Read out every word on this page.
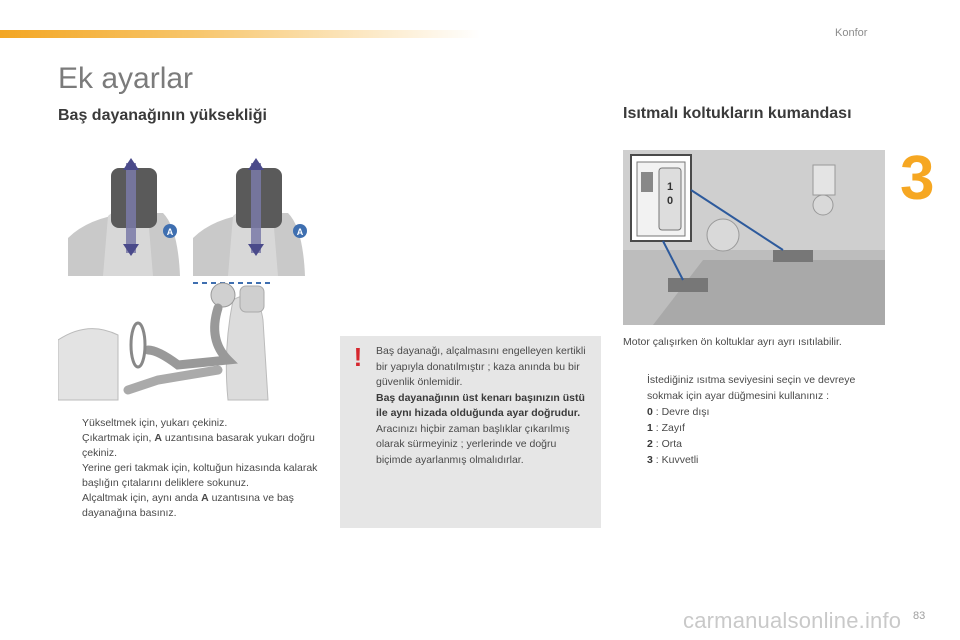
Konfor
3
Ek ayarlar
Baş dayanağının yüksekliği
A	A
Yükseltmek için, yukarı çekiniz.
Çıkartmak için, A uzantısına basarak yukarı doğru çekiniz.
Yerine geri takmak için, koltuğun hizasında kalarak başlığın çıtalarını deliklere sokunuz.
Alçaltmak için, aynı anda A uzantısına ve baş dayanağına basınız.
!	Baş dayanağı, alçalmasını engelleyen kertikli bir yapıyla donatılmıştır ; kaza anında bu bir güvenlik önlemidir.
Baş dayanağının üst kenarı başınızın üstü ile aynı hizada olduğunda ayar doğrudur.
Aracınızı hiçbir zaman başlıklar çıkarılmış olarak sürmeyiniz ; yerlerinde ve doğru biçimde ayarlanmış olmalıdırlar.
Isıtmalı koltukların kumandası
1
0
Motor çalışırken ön koltuklar ayrı ayrı ısıtılabilir.
İstediğiniz ısıtma seviyesini seçin ve devreye sokmak için ayar düğmesini kullanınız :
0 : Devre dışı
1 : Zayıf
2 : Orta
3 : Kuvvetli
carmanualsonline.info 83
